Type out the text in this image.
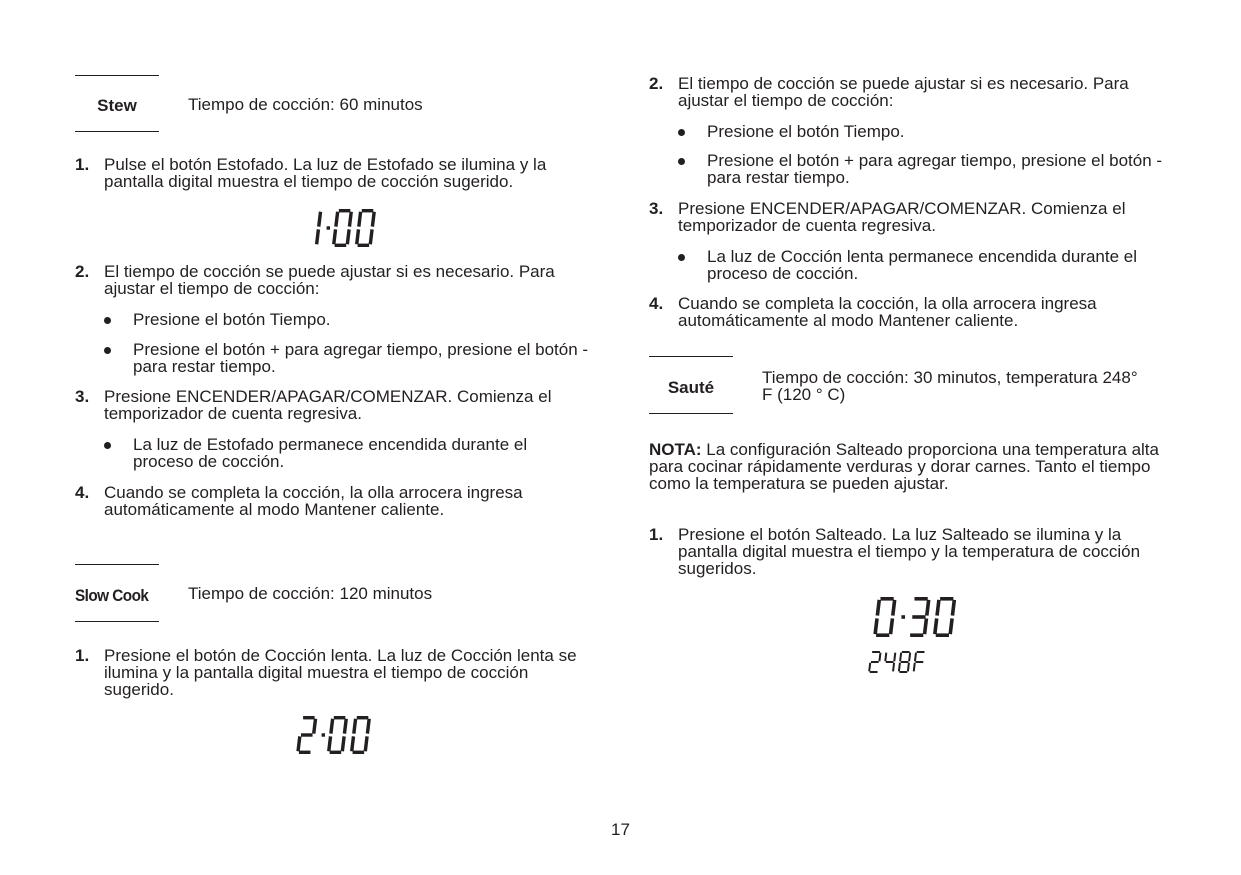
Stew	Tiempo de cocción: 60 minutos
1. Pulse el botón Estofado. La luz de Estofado se ilumina y la pantalla digital muestra el tiempo de cocción sugerido.
2. El tiempo de cocción se puede ajustar si es necesario. Para ajustar el tiempo de cocción:
Presione el botón Tiempo.
Presione el botón + para agregar tiempo, presione el botón - para restar tiempo.
3. Presione ENCENDER/APAGAR/COMENZAR. Comienza el temporizador de cuenta regresiva.
La luz de Estofado permanece encendida durante el proceso de cocción.
4. Cuando se completa la cocción, la olla arrocera ingresa automáticamente al modo Mantener caliente.
Slow Cook Tiempo de cocción: 120 minutos
1. Presione el botón de Cocción lenta. La luz de Cocción lenta se ilumina y la pantalla digital muestra el tiempo de cocción sugerido.
2. El tiempo de cocción se puede ajustar si es necesario. Para ajustar el tiempo de cocción:
Presione el botón Tiempo.
Presione el botón + para agregar tiempo, presione el botón - para restar tiempo.
3. Presione ENCENDER/APAGAR/COMENZAR. Comienza el temporizador de cuenta regresiva.
La luz de Cocción lenta permanece encendida durante el proceso de cocción.
4. Cuando se completa la cocción, la olla arrocera ingresa automáticamente al modo Mantener caliente.
Sauté
Tiempo de cocción: 30 minutos, temperatura 248° F (120 ° C)
NOTA: La configuración Salteado proporciona una temperatura alta para cocinar rápidamente verduras y dorar carnes. Tanto el tiempo como la temperatura se pueden ajustar.
1. Presione el botón Salteado. La luz Salteado se ilumina y la pantalla digital muestra el tiempo y la temperatura de cocción sugeridos.
17
